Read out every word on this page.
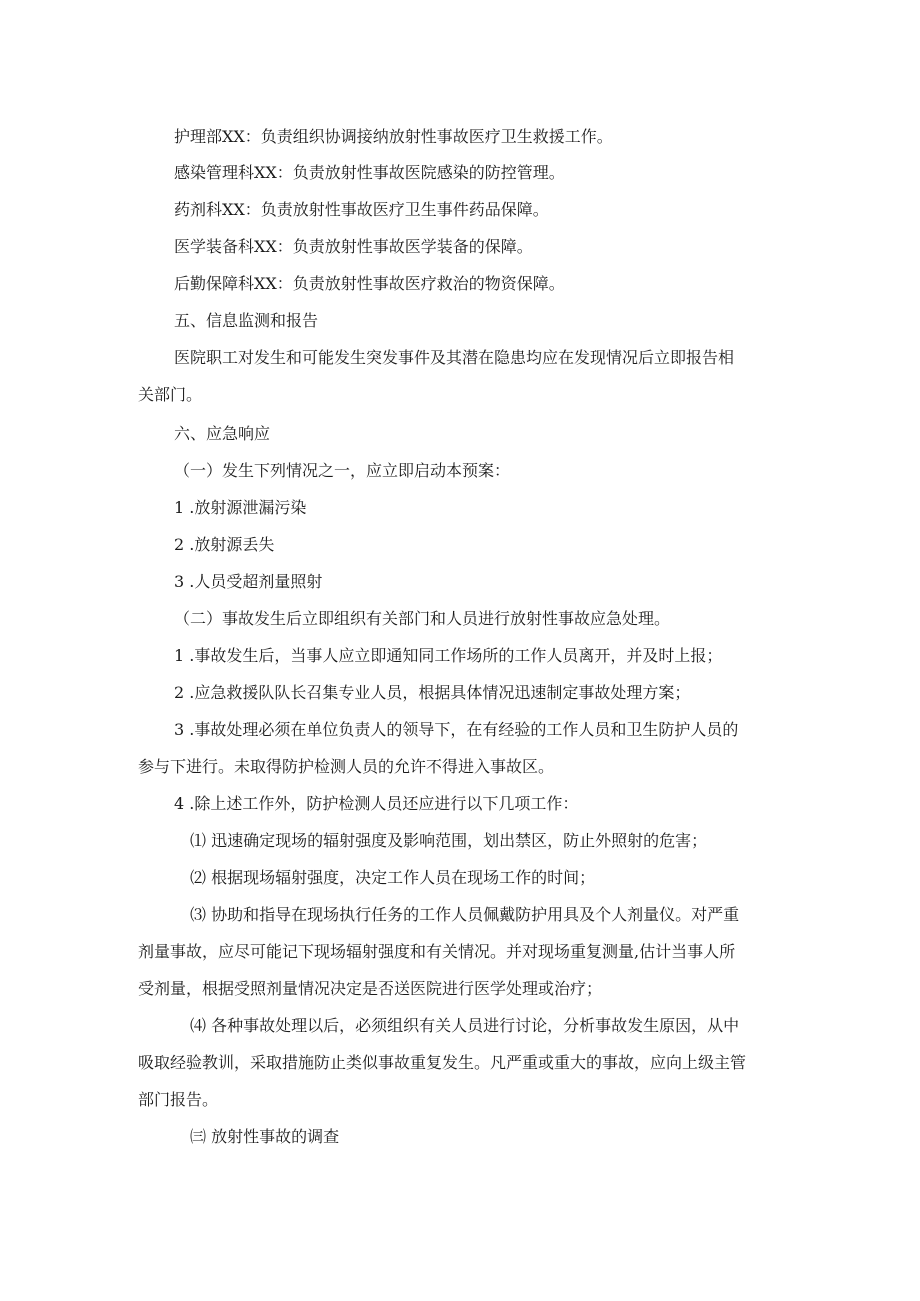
护理部XX：负责组织协调接纳放射性事故医疗卫生救援工作。
感染管理科XX：负责放射性事故医院感染的防控管理。
药剂科XX：负责放射性事故医疗卫生事件药品保障。
医学装备科XX：负责放射性事故医学装备的保障。
后勤保障科XX：负责放射性事故医疗救治的物资保障。
五、信息监测和报告
医院职工对发生和可能发生突发事件及其潜在隐患均应在发现情况后立即报告相
关部门。
六、应急响应
（一）发生下列情况之一，应立即启动本预案：
1 .放射源泄漏污染
2 .放射源丢失
3 .人员受超剂量照射
（二）事故发生后立即组织有关部门和人员进行放射性事故应急处理。
1 .事故发生后，当事人应立即通知同工作场所的工作人员离开，并及时上报；
2 .应急救援队队长召集专业人员，根据具体情况迅速制定事故处理方案；
3 .事故处理必须在单位负责人的领导下，在有经验的工作人员和卫生防护人员的
参与下进行。未取得防护检测人员的允许不得进入事故区。
4 .除上述工作外，防护检测人员还应进行以下几项工作：
⑴ 迅速确定现场的辐射强度及影响范围，划出禁区，防止外照射的危害；
⑵ 根据现场辐射强度，决定工作人员在现场工作的时间；
⑶ 协助和指导在现场执行任务的工作人员佩戴防护用具及个人剂量仪。对严重
剂量事故，应尽可能记下现场辐射强度和有关情况。并对现场重复测量,估计当事人所
受剂量，根据受照剂量情况决定是否送医院进行医学处理或治疗；
⑷ 各种事故处理以后，必须组织有关人员进行讨论，分析事故发生原因，从中
吸取经验教训，采取措施防止类似事故重复发生。凡严重或重大的事故，应向上级主管
部门报告。
㈢ 放射性事故的调查
